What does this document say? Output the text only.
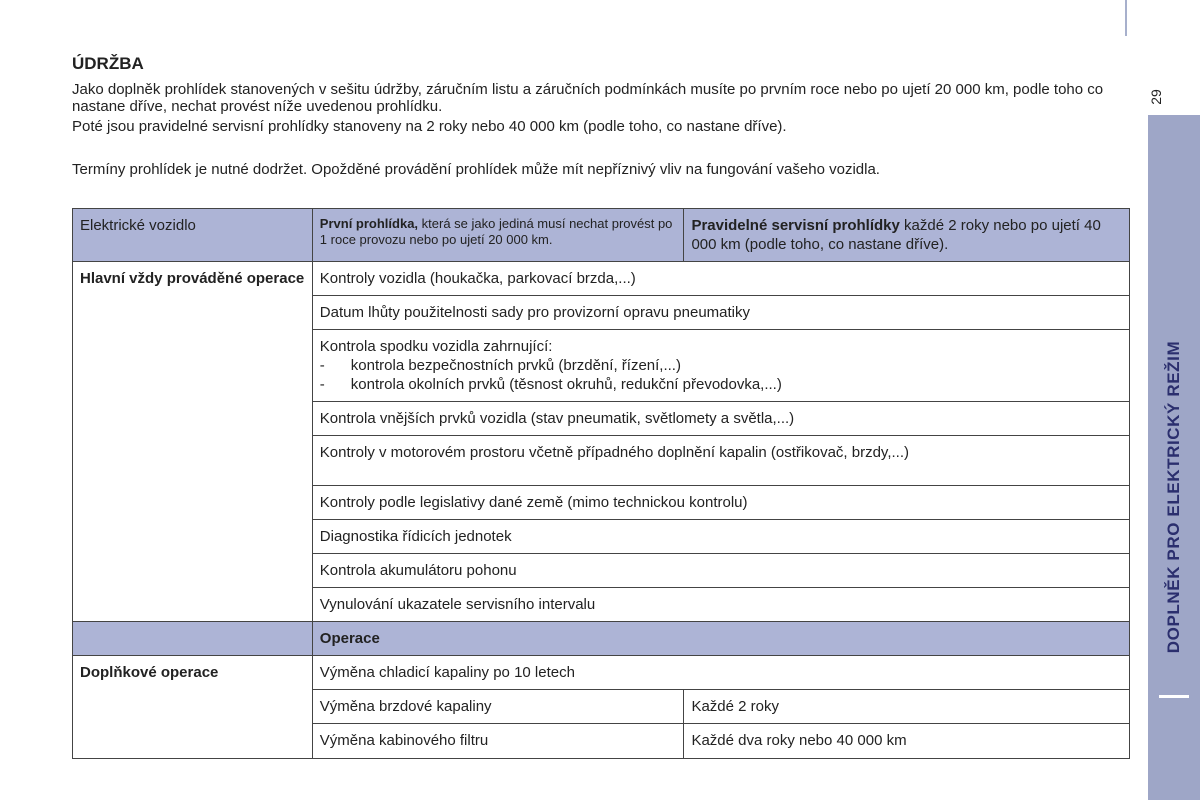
29
DOPLNĚK PRO ELEKTRICKÝ REŽIM
ÚDRŽBA

Jako doplněk prohlídek stanovených v sešitu údržby, záručním listu a záručních podmínkách musíte po prvním roce nebo po ujetí 20 000 km, podle toho co nastane dříve, nechat provést níže uvedenou prohlídku.

Poté jsou pravidelné servisní prohlídky stanoveny na 2 roky nebo 40 000 km (podle toho, co nastane dříve).

Termíny prohlídek je nutné dodržet. Opožděné provádění prohlídek může mít nepříznivý vliv na fungování vašeho vozidla.

Elektrické vozidlo	První prohlídka, která se jako jediná musí nechat provést po 1 roce provozu nebo po ujetí 20 000 km.	Pravidelné servisní prohlídky každé 2 roky nebo po ujetí 40 000 km (podle toho, co nastane dříve).
Hlavní vždy prováděné operace	Kontroly vozidla (houkačka, parkovací brzda,...)	
	Datum lhůty použitelnosti sady pro provizorní opravu pneumatiky	

	Kontrola spodku vozidla zahrnující:
- kontrola bezpečnostních prvků (brzdění, řízení,...)
- kontrola okolních prvků (těsnost okruhů, redukční převodovka,...)	

	Kontrola vnějších prvků vozidla (stav pneumatik, světlomety a světla,...)	
	Kontroly v motorovém prostoru včetně případného doplnění kapalin (ostřikovač, brzdy,...)	
	Kontroly podle legislativy dané země (mimo technickou kontrolu)	
	Diagnostika řídicích jednotek	
	Kontrola akumulátoru pohonu	
	Vynulování ukazatele servisního intervalu	
	Operace	
Doplňkové operace	Výměna chladicí kapaliny po 10 letech	
	Výměna brzdové kapaliny	Každé 2 roky
	Výměna kabinového filtru	Každé dva roky nebo 40 000 km
